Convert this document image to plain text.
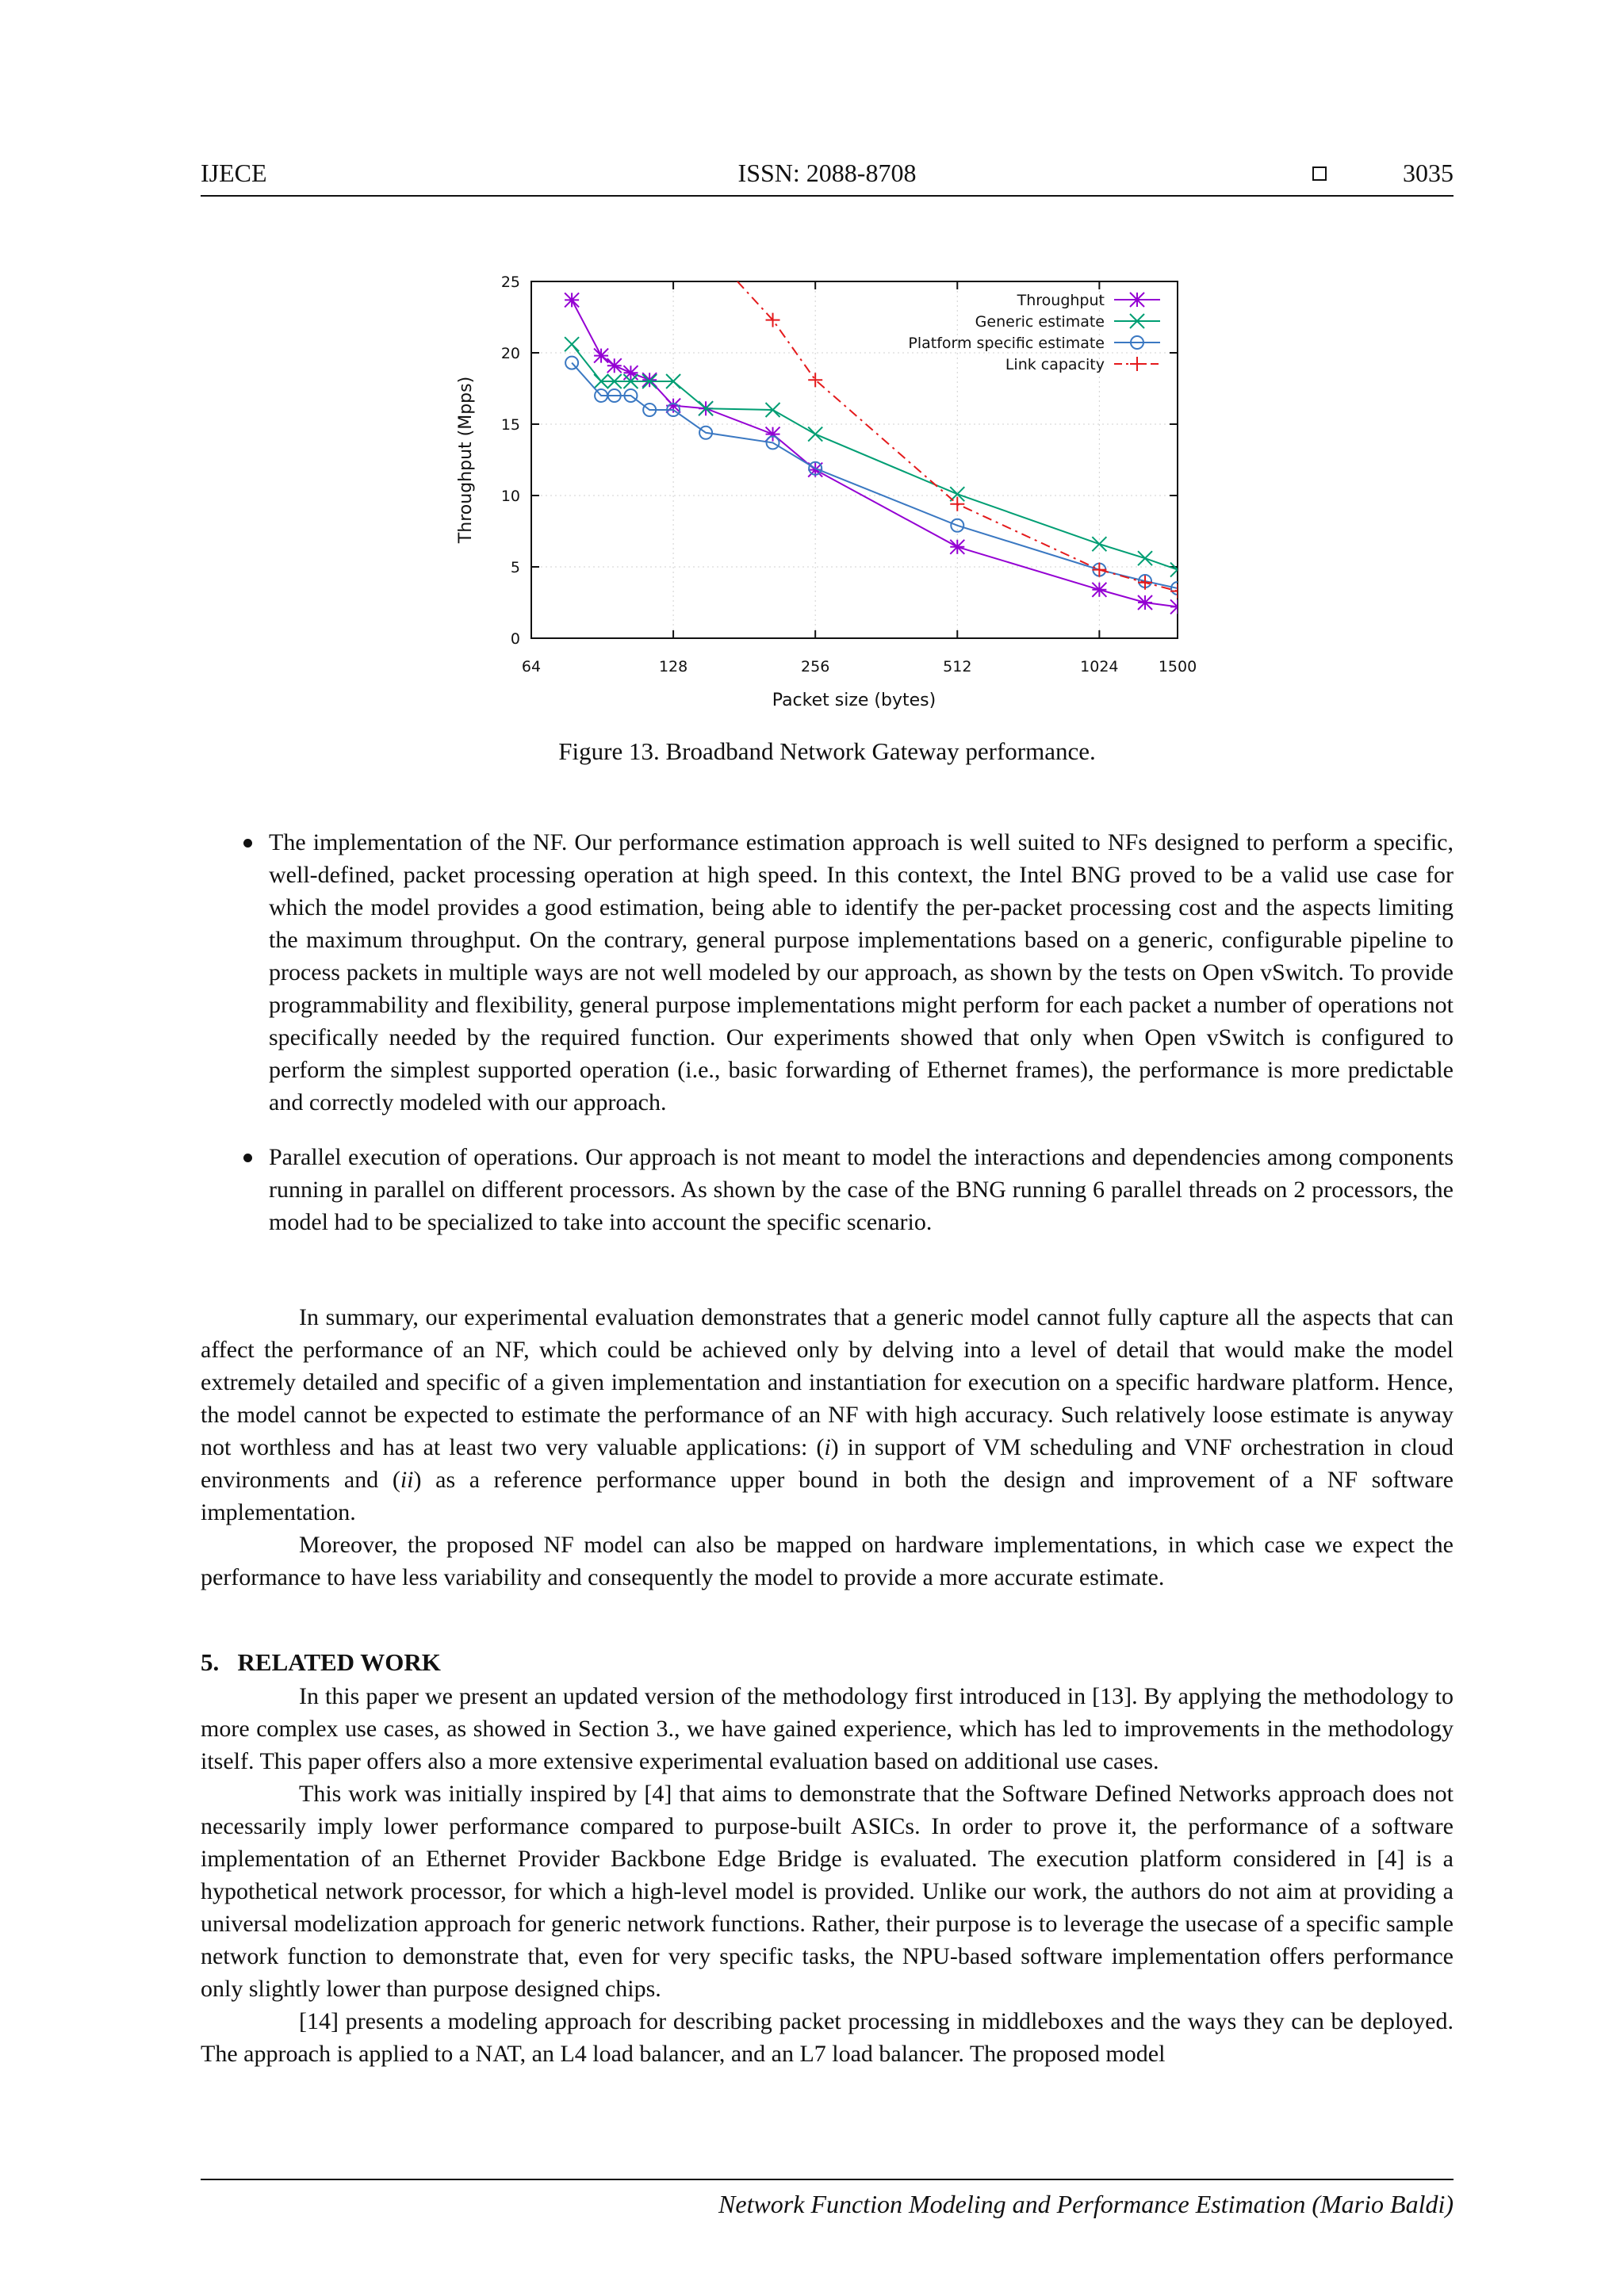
IJECE	ISSN: 2088-8708	3035
0
5
10
15
20
25
64	128	256	512	1024	1500
Throughput
Generic estimate
Platform specific estimate
Link capacity
Packet size (bytes)
Throughput (Mpps)
Figure 13. Broadband Network Gateway performance.
The implementation of the NF. Our performance estimation approach is well suited to NFs designed to perform a specific, well-defined, packet processing operation at high speed. In this context, the Intel BNG proved to be a valid use case for which the model provides a good estimation, being able to identify the per-packet processing cost and the aspects limiting the maximum throughput. On the contrary, general purpose implementations based on a generic, configurable pipeline to process packets in multiple ways are not well modeled by our approach, as shown by the tests on Open vSwitch. To provide programmability and flexibility, general purpose implementations might perform for each packet a number of operations not specifically needed by the required function. Our experiments showed that only when Open vSwitch is configured to perform the simplest supported operation (i.e., basic forwarding of Ethernet frames), the performance is more predictable and correctly modeled with our approach.
Parallel execution of operations. Our approach is not meant to model the interactions and dependencies among components running in parallel on different processors. As shown by the case of the BNG running 6 parallel threads on 2 processors, the model had to be specialized to take into account the specific scenario.

In summary, our experimental evaluation demonstrates that a generic model cannot fully capture all the aspects that can affect the performance of an NF, which could be achieved only by delving into a level of detail that would make the model extremely detailed and specific of a given implementation and instantiation for execution on a specific hardware platform. Hence, the model cannot be expected to estimate the performance of an NF with high accuracy. Such relatively loose estimate is anyway not worthless and has at least two very valuable applications: (i) in support of VM scheduling and VNF orchestration in cloud environments and (ii) as a reference performance upper bound in both the design and improvement of a NF software implementation.

Moreover, the proposed NF model can also be mapped on hardware implementations, in which case we expect the performance to have less variability and consequently the model to provide a more accurate estimate.

5. RELATED WORK

In this paper we present an updated version of the methodology first introduced in [13]. By applying the methodology to more complex use cases, as showed in Section 3., we have gained experience, which has led to improvements in the methodology itself. This paper offers also a more extensive experimental evaluation based on additional use cases.

This work was initially inspired by [4] that aims to demonstrate that the Software Defined Networks approach does not necessarily imply lower performance compared to purpose-built ASICs. In order to prove it, the performance of a software implementation of an Ethernet Provider Backbone Edge Bridge is evaluated. The execution platform considered in [4] is a hypothetical network processor, for which a high-level model is provided. Unlike our work, the authors do not aim at providing a universal modelization approach for generic network functions. Rather, their purpose is to leverage the usecase of a specific sample network function to demonstrate that, even for very specific tasks, the NPU-based software implementation offers performance only slightly lower than purpose designed chips.

[14] presents a modeling approach for describing packet processing in middleboxes and the ways they can be deployed. The approach is applied to a NAT, an L4 load balancer, and an L7 load balancer. The proposed model

Network Function Modeling and Performance Estimation (Mario Baldi)
